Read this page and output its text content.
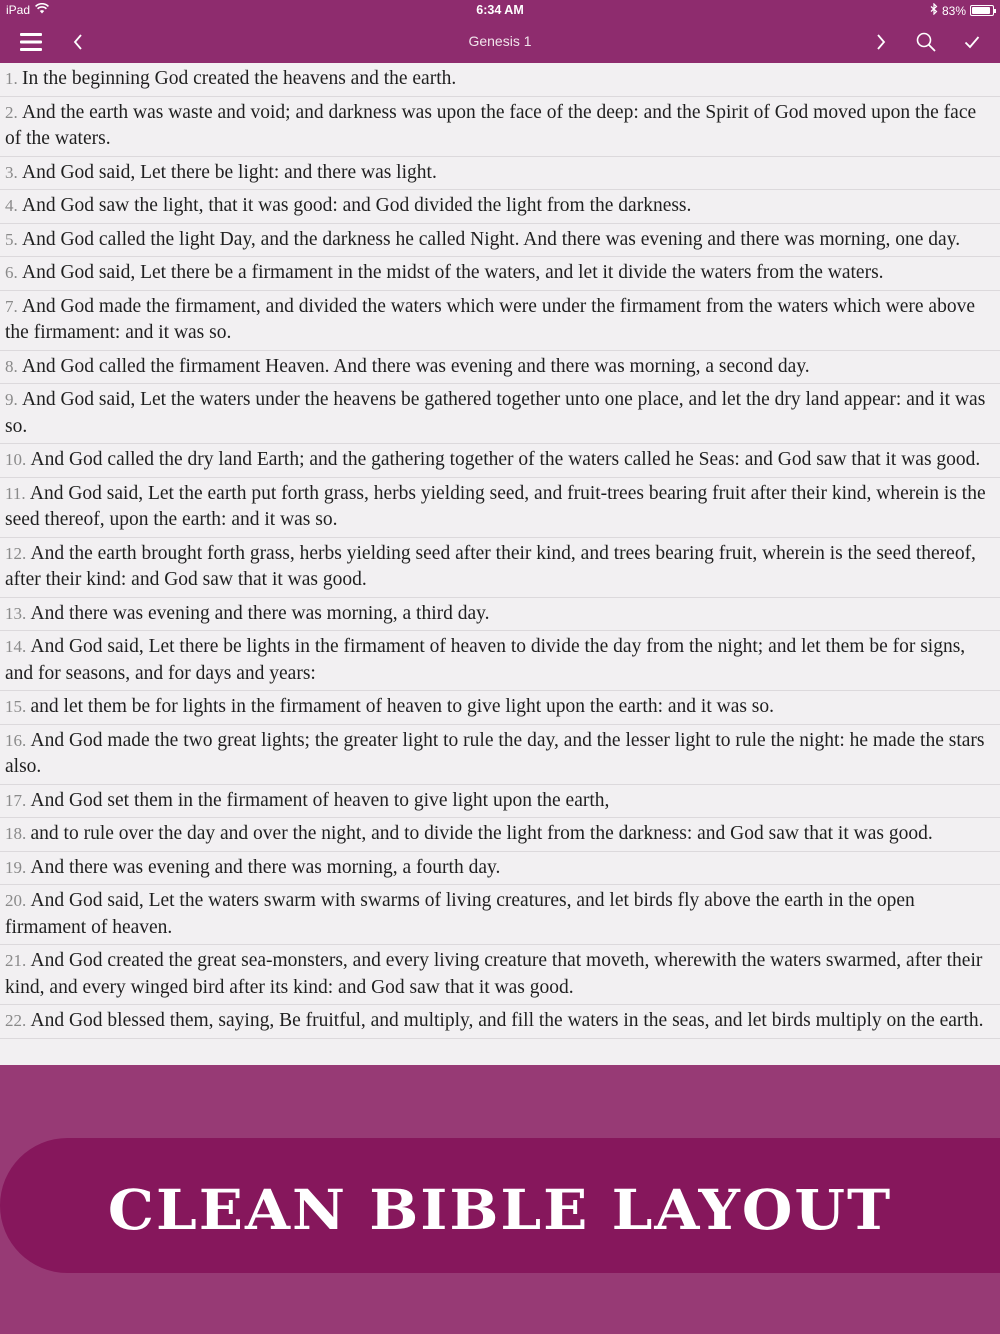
iPad	6:34 AM	83%
Genesis 1
1. In the beginning God created the heavens and the earth.
2. And the earth was waste and void; and darkness was upon the face of the deep: and the Spirit of God moved upon the face of the waters.
3. And God said, Let there be light: and there was light.
4. And God saw the light, that it was good: and God divided the light from the darkness.
5. And God called the light Day, and the darkness he called Night. And there was evening and there was morning, one day.
6. And God said, Let there be a firmament in the midst of the waters, and let it divide the waters from the waters.
7. And God made the firmament, and divided the waters which were under the firmament from the waters which were above the firmament: and it was so.
8. And God called the firmament Heaven. And there was evening and there was morning, a second day.
9. And God said, Let the waters under the heavens be gathered together unto one place, and let the dry land appear: and it was so.
10. And God called the dry land Earth; and the gathering together of the waters called he Seas: and God saw that it was good.
11. And God said, Let the earth put forth grass, herbs yielding seed, and fruit-trees bearing fruit after their kind, wherein is the seed thereof, upon the earth: and it was so.
12. And the earth brought forth grass, herbs yielding seed after their kind, and trees bearing fruit, wherein is the seed thereof, after their kind: and God saw that it was good.
13. And there was evening and there was morning, a third day.
14. And God said, Let there be lights in the firmament of heaven to divide the day from the night; and let them be for signs, and for seasons, and for days and years:
15. and let them be for lights in the firmament of heaven to give light upon the earth: and it was so.
16. And God made the two great lights; the greater light to rule the day, and the lesser light to rule the night: he made the stars also.
17. And God set them in the firmament of heaven to give light upon the earth,
18. and to rule over the day and over the night, and to divide the light from the darkness: and God saw that it was good.
19. And there was evening and there was morning, a fourth day.
20. And God said, Let the waters swarm with swarms of living creatures, and let birds fly above the earth in the open firmament of heaven.
21. And God created the great sea-monsters, and every living creature that moveth, wherewith the waters swarmed, after their kind, and every winged bird after its kind: and God saw that it was good.
22. And God blessed them, saying, Be fruitful, and multiply, and fill the waters in the seas, and let birds multiply on the earth.
CLEAN BIBLE LAYOUT
